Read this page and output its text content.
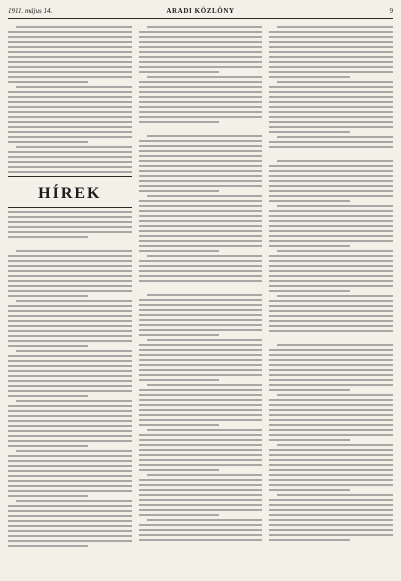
1911. május 14.	ARADI KÖZLÖNY	9
HÍREK
